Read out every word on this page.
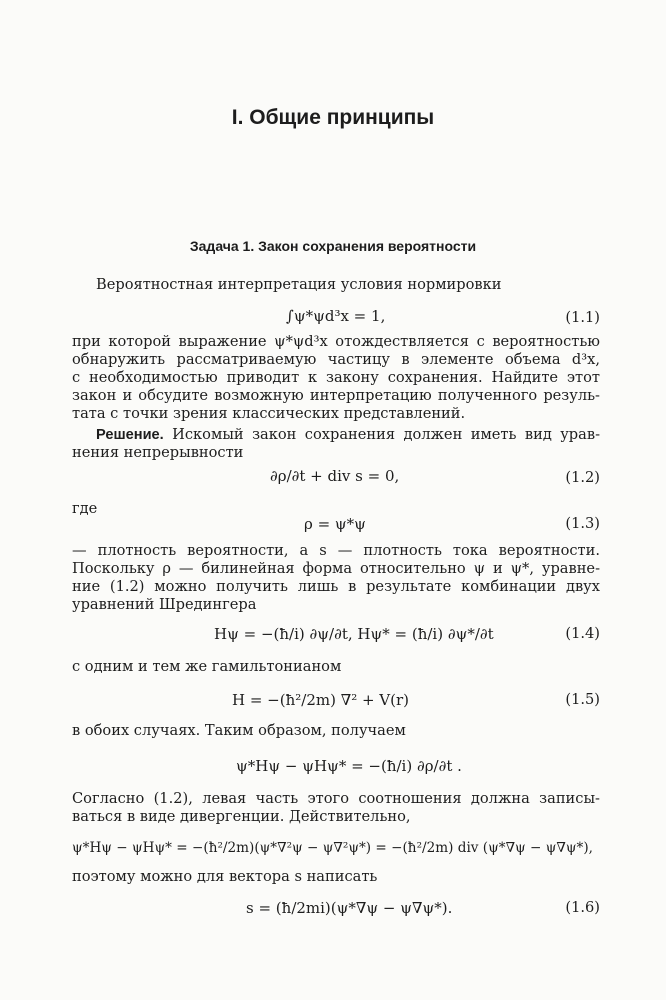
I. Общие принципы
Задача 1. Закон сохранения вероятности
Вероятностная интерпретация условия нормировки
∫ψ*ψd³x = 1,	(1.1)
при которой выражение ψ*ψd³x отождествляется с вероятностью
обнаружить рассматриваемую частицу в элементе объема d³x,
с необходимостью приводит к закону сохранения. Найдите этот
закон и обсудите возможную интерпретацию полученного резуль-
тата с точки зрения классических представлений.
Решение. Искомый закон сохранения должен иметь вид урав-
нения непрерывности
∂ρ/∂t + div s = 0,	(1.2)
где
ρ = ψ*ψ	(1.3)
— плотность вероятности, а s — плотность тока вероятности.
Поскольку ρ — билинейная форма относительно ψ и ψ*, уравне-
ние (1.2) можно получить лишь в результате комбинации двух
уравнений Шредингера
Hψ = −(ħ/i) ∂ψ/∂t, Hψ* = (ħ/i) ∂ψ*/∂t	(1.4)
с одним и тем же гамильтонианом
H = −(ħ²/2m) ∇² + V(r)	(1.5)
в обоих случаях. Таким образом, получаем
ψ*Hψ − ψHψ* = −(ħ/i) ∂ρ/∂t .
Согласно (1.2), левая часть этого соотношения должна записы-
ваться в виде дивергенции. Действительно,
ψ*Hψ − ψHψ* = −(ħ²/2m)(ψ*∇²ψ − ψ∇²ψ*) = −(ħ²/2m) div (ψ*∇ψ − ψ∇ψ*),
поэтому можно для вектора s написать
s = (ħ/2mi)(ψ*∇ψ − ψ∇ψ*).	(1.6)
